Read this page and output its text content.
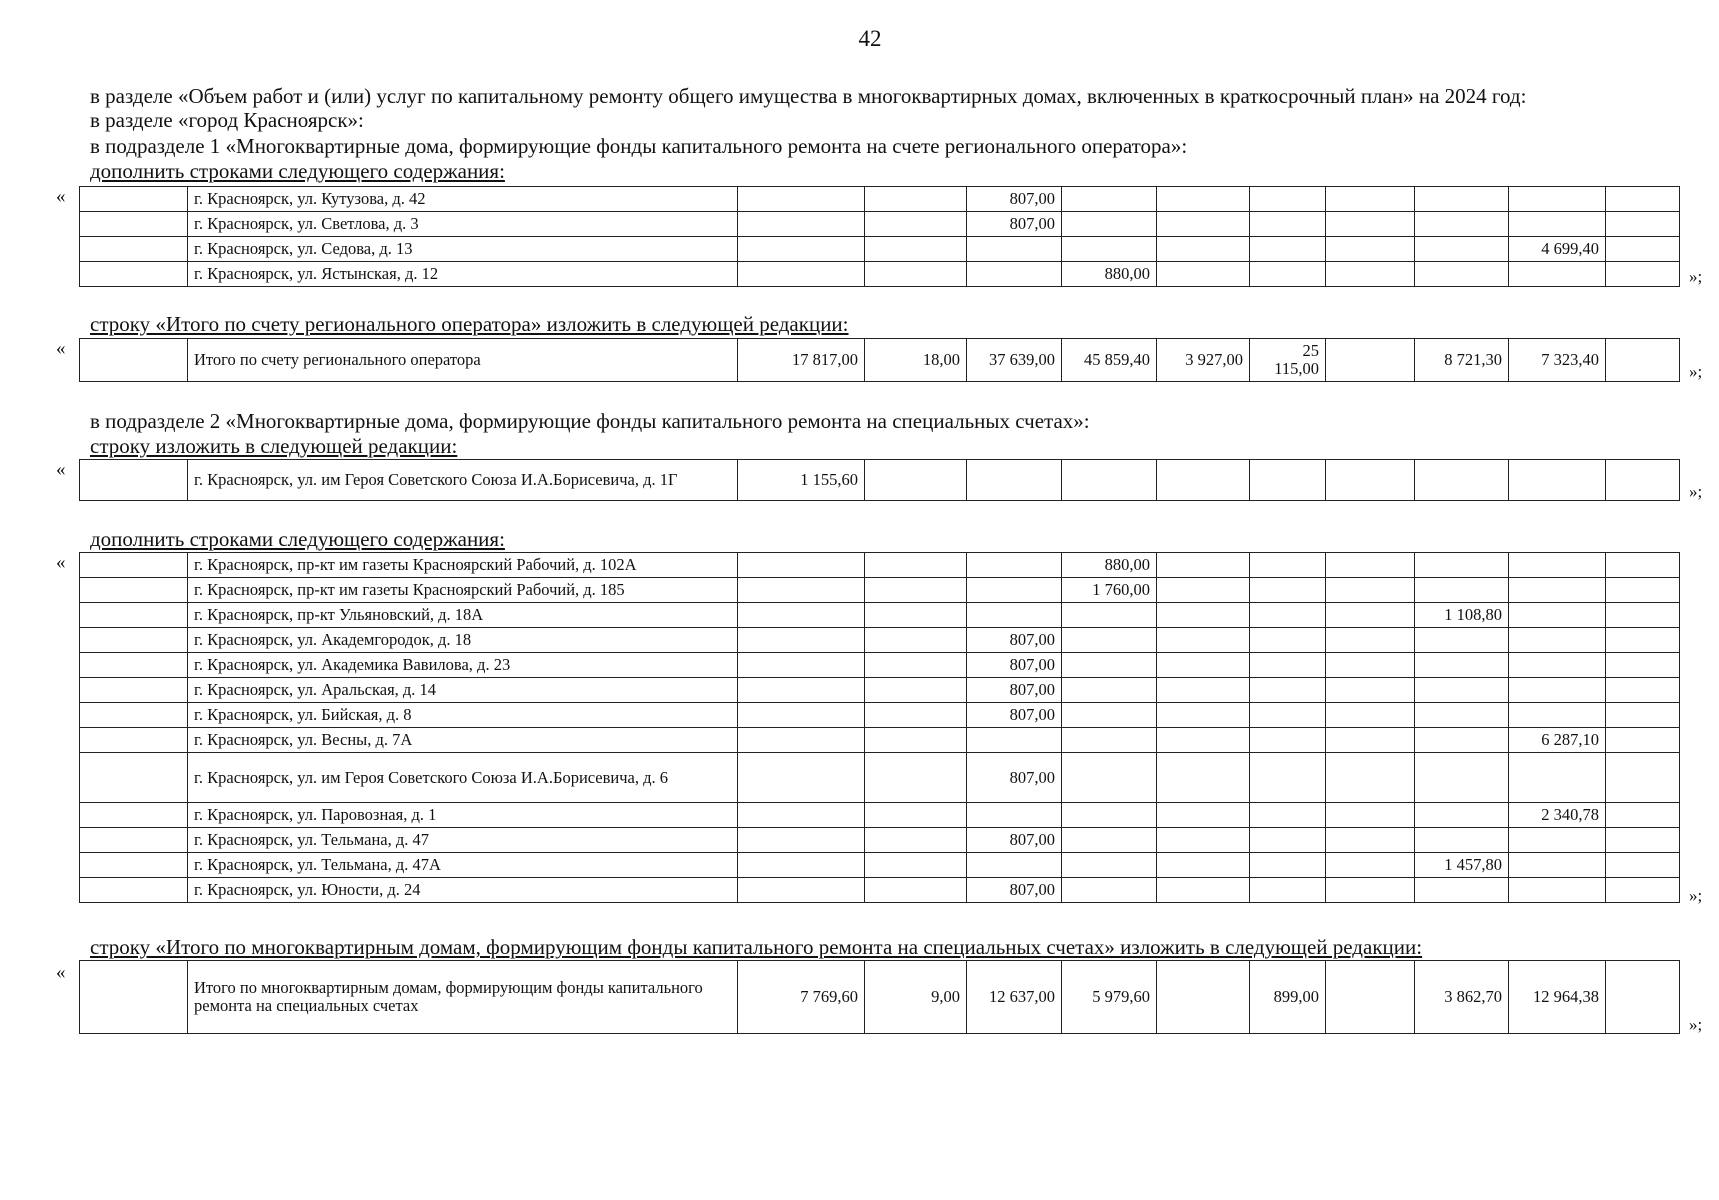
42
в разделе «Объем работ и (или) услуг по капитальному ремонту общего имущества в многоквартирных домах, включенных в краткосрочный план» на 2024 год:
в разделе «город Красноярск»:
в подразделе 1 «Многоквартирные дома, формирующие фонды капитального ремонта на счете регионального оператора»:
дополнить строками следующего содержания:
«
		г. Красноярск, ул. Кутузова, д. 42			807,00							
	г. Красноярск, ул. Светлова, д. 3			807,00							
	г. Красноярск, ул. Седова, д. 13									4 699,40	
	г. Красноярск, ул. Ястынская, д. 12				880,00							»;
строку «Итого по счету регионального оператора» изложить в следующей редакции:
«
	Итого по счету регионального оператора	17 817,00	18,00	37 639,00	45 859,40	3 927,00	25 115,00		8 721,30	7 323,40	
»;
в подразделе 2 «Многоквартирные дома, формирующие фонды капитального ремонта на специальных счетах»:
строку изложить в следующей редакции:
«
		г. Красноярск, ул. им Героя Советского Союза И.А.Борисевича, д. 1Г	1 155,60									
»;
дополнить строками следующего содержания:
«
		г. Красноярск, пр-кт им газеты Красноярский Рабочий, д. 102А				880,00						
	г. Красноярск, пр-кт им газеты Красноярский Рабочий, д. 185				1 760,00						
	г. Красноярск, пр-кт Ульяновский, д. 18А								1 108,80		
	г. Красноярск, ул. Академгородок, д. 18			807,00							
	г. Красноярск, ул. Академика Вавилова, д. 23			807,00							
	г. Красноярск, ул. Аральская, д. 14			807,00							
	г. Красноярск, ул. Бийская, д. 8			807,00							
	г. Красноярск, ул. Весны, д. 7А									6 287,10	
	г. Красноярск, ул. им Героя Советского Союза И.А.Борисевича, д. 6			807,00							
	г. Красноярск, ул. Паровозная, д. 1									2 340,78	
	г. Красноярск, ул. Тельмана, д. 47			807,00							
	г. Красноярск, ул. Тельмана, д. 47А								1 457,80		
	г. Красноярск, ул. Юности, д. 24			807,00								»;
строку «Итого по многоквартирным домам, формирующим фонды капитального ремонта на специальных счетах» изложить в следующей редакции:
«
	Итого по многоквартирным домам, формирующим фонды капитального ремонта на специальных счетах	7 769,60	9,00	12 637,00	5 979,60		899,00		3 862,70	12 964,38	
»;
